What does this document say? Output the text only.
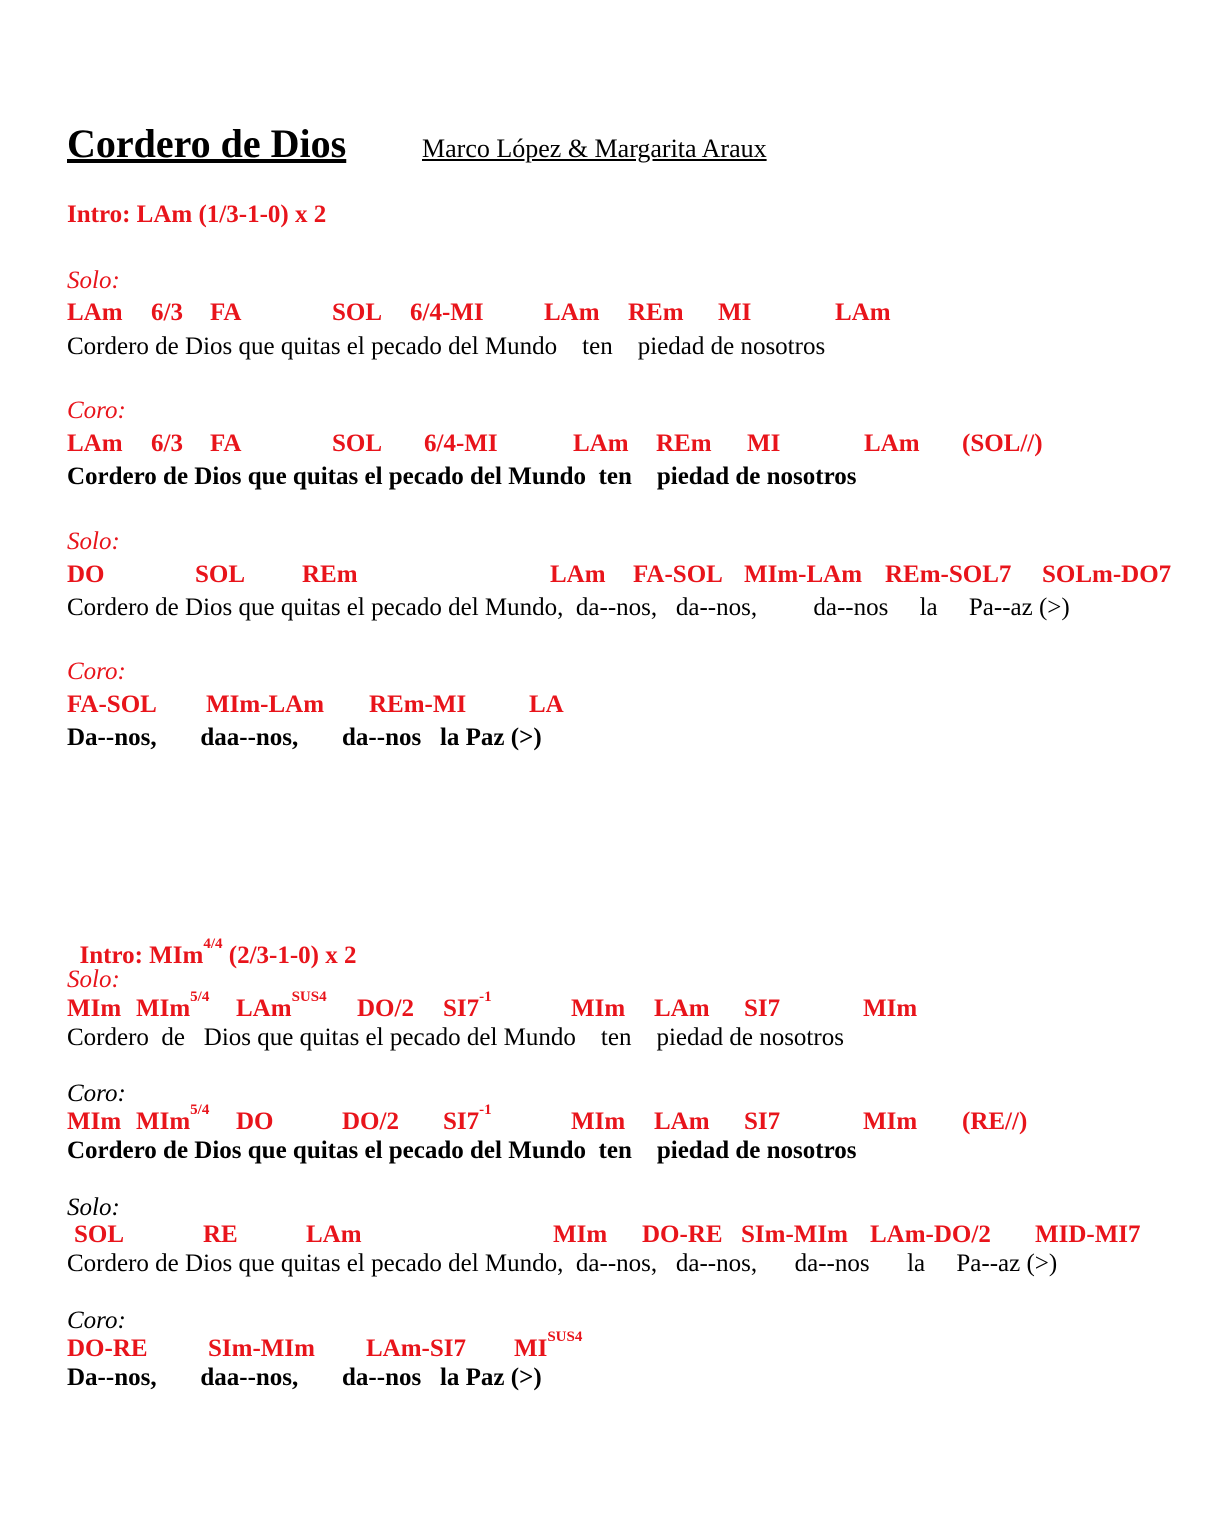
Cordero de Dios	Marco López & Margarita Araux
Intro: LAm (1/3-1-0) x 2
Solo:

LAm

6/3

FA

	SOL

6/4-MI

LAm

REm

MI

	LAm

Cordero de Dios que quitas el pecado del Mundo    ten    piedad de nosotros
Coro:

LAm

6/3

FA

	SOL

6/4-MI

	LAm

REm

MI

	LAm

(SOL//)

Cordero de Dios que quitas el pecado del Mundo  ten    piedad de nosotros
Solo:

DO

	SOL

REm

	LAm

FA-SOL

MIm-LAm

REm-SOL7

SOLm-DO7

Cordero de Dios que quitas el pecado del Mundo,  da--nos,   da--nos,         da--nos     la     Pa--az (>)
Coro:

FA-SOL

MIm-LAm

REm-MI

	LA

Da--nos,       daa--nos,       da--nos   la Paz (>)

Intro: MIm$^{4/4}$ (2/3-1-0) x 2

Solo:

MIm

MIm$^{5/4}$

LAm$^{SUS4}$

DO/2

$SI7^{-1}$

	MIm

LAm

SI7

	MIm

Cordero  de   Dios que quitas el pecado del Mundo    ten    piedad de nosotros
Coro:

MIm

MIm$^{5/4}$

DO

	DO/2

$SI7^{-1}$

	MIm

LAm

SI7

	MIm

(RE//)

Cordero de Dios que quitas el pecado del Mundo  ten    piedad de nosotros
Solo:

SOL

	RE

	LAm

	MIm

DO-RE

SIm-MIm

LAm-DO/2

MID-MI7

Cordero de Dios que quitas el pecado del Mundo,  da--nos,   da--nos,      da--nos      la     Pa--az (>)
Coro:

DO-RE

SIm-MIm

LAm-SI7

$MI^{SUS4}$

Da--nos,       daa--nos,       da--nos   la Paz (>)
